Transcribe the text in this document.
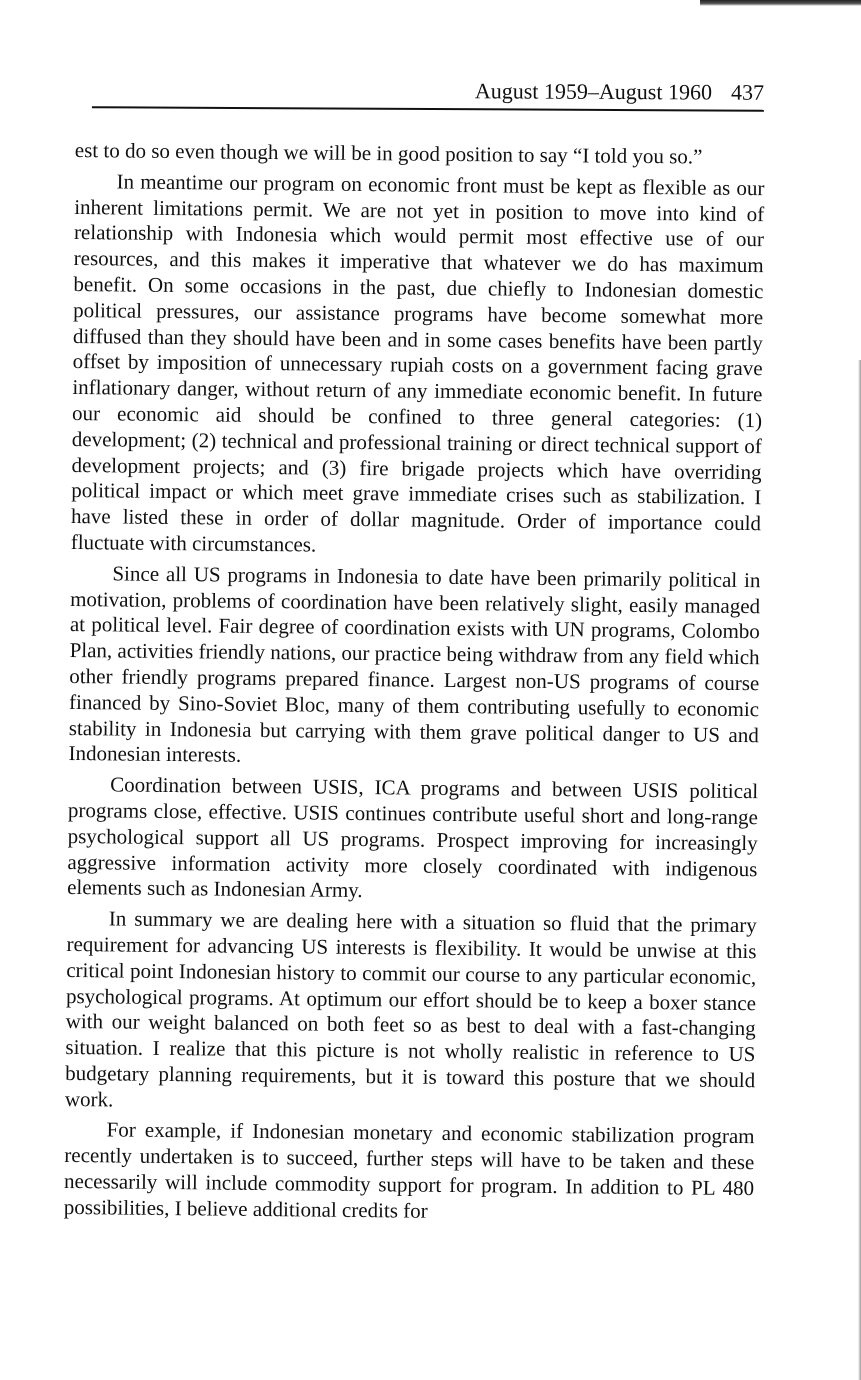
August 1959–August 1960 437

est to do so even though we will be in good position to say “I told you so.”

In meantime our program on economic front must be kept as flexible as our inherent limitations permit. We are not yet in position to move into kind of relationship with Indonesia which would permit most effective use of our resources, and this makes it imperative that whatever we do has maximum benefit. On some occasions in the past, due chiefly to Indonesian domestic political pressures, our assistance programs have become somewhat more diffused than they should have been and in some cases benefits have been partly offset by imposition of unnecessary rupiah costs on a government facing grave inflationary danger, without return of any immediate economic benefit. In future our economic aid should be confined to three general categories: (1) development; (2) technical and professional training or direct technical support of development projects; and (3) fire brigade projects which have overriding political impact or which meet grave immediate crises such as stabilization. I have listed these in order of dollar magnitude. Order of importance could fluctuate with circumstances.

Since all US programs in Indonesia to date have been primarily political in motivation, problems of coordination have been relatively slight, easily managed at political level. Fair degree of coordination exists with UN programs, Colombo Plan, activities friendly nations, our practice being withdraw from any field which other friendly programs prepared finance. Largest non-US programs of course financed by Sino-Soviet Bloc, many of them contributing usefully to economic stability in Indonesia but carrying with them grave political danger to US and Indonesian interests.

Coordination between USIS, ICA programs and between USIS political programs close, effective. USIS continues contribute useful short and long-range psychological support all US programs. Prospect improving for increasingly aggressive information activity more closely coordinated with indigenous elements such as Indonesian Army.

In summary we are dealing here with a situation so fluid that the primary requirement for advancing US interests is flexibility. It would be unwise at this critical point Indonesian history to commit our course to any particular economic, psychological programs. At optimum our effort should be to keep a boxer stance with our weight balanced on both feet so as best to deal with a fast-changing situation. I realize that this picture is not wholly realistic in reference to US budgetary planning requirements, but it is toward this posture that we should work.

For example, if Indonesian monetary and economic stabilization program recently undertaken is to succeed, further steps will have to be taken and these necessarily will include commodity support for program. In addition to PL 480 possibilities, I believe additional credits for
